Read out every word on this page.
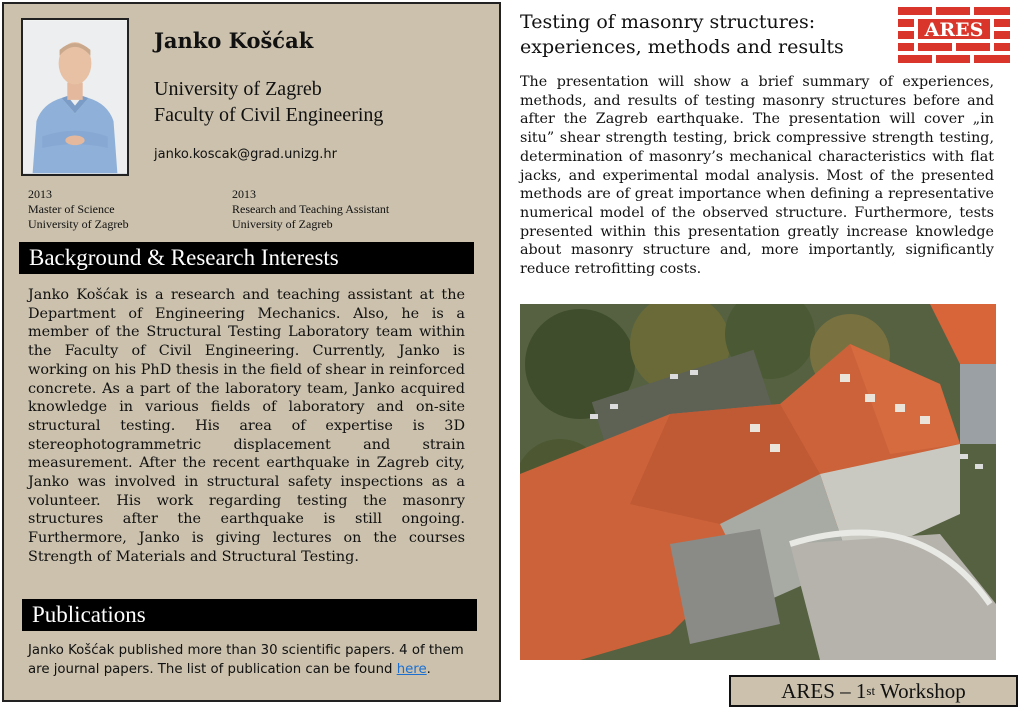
Janko Košćak
University of Zagreb
Faculty of Civil Engineering
janko.koscak@grad.unizg.hr
2013
Master of Science
University of Zagreb
2013
Research and Teaching Assistant
University of Zagreb
Background & Research Interests
Janko Košćak is a research and teaching assistant at the Department of Engineering Mechanics. Also, he is a member of the Structural Testing Laboratory team within the Faculty of Civil Engineering. Currently, Janko is working on his PhD thesis in the field of shear in reinforced concrete. As a part of the laboratory team, Janko acquired knowledge in various fields of laboratory and on-site structural testing. His area of expertise is 3D stereophotogrammetric displacement and strain measurement. After the recent earthquake in Zagreb city, Janko was involved in structural safety inspections as a volunteer. His work regarding testing the masonry structures after the earthquake is still ongoing. Furthermore, Janko is giving lectures on the courses Strength of Materials and Structural Testing.
Publications
Janko Košćak published more than 30 scientific papers. 4 of them are journal papers. The list of publication can be found here.
Testing of masonry structures:
experiences, methods and results
ARES
The presentation will show a brief summary of experiences, methods, and results of testing masonry structures before and after the Zagreb earthquake. The presentation will cover „in situ” shear strength testing, brick compressive strength testing, determination of masonry’s mechanical characteristics with flat jacks, and experimental modal analysis. Most of the presented methods are of great importance when defining a representative numerical model of the observed structure. Furthermore, tests presented within this presentation greatly increase knowledge about masonry structure and, more importantly, significantly reduce retrofitting costs.
ARES – 1 st Workshop
